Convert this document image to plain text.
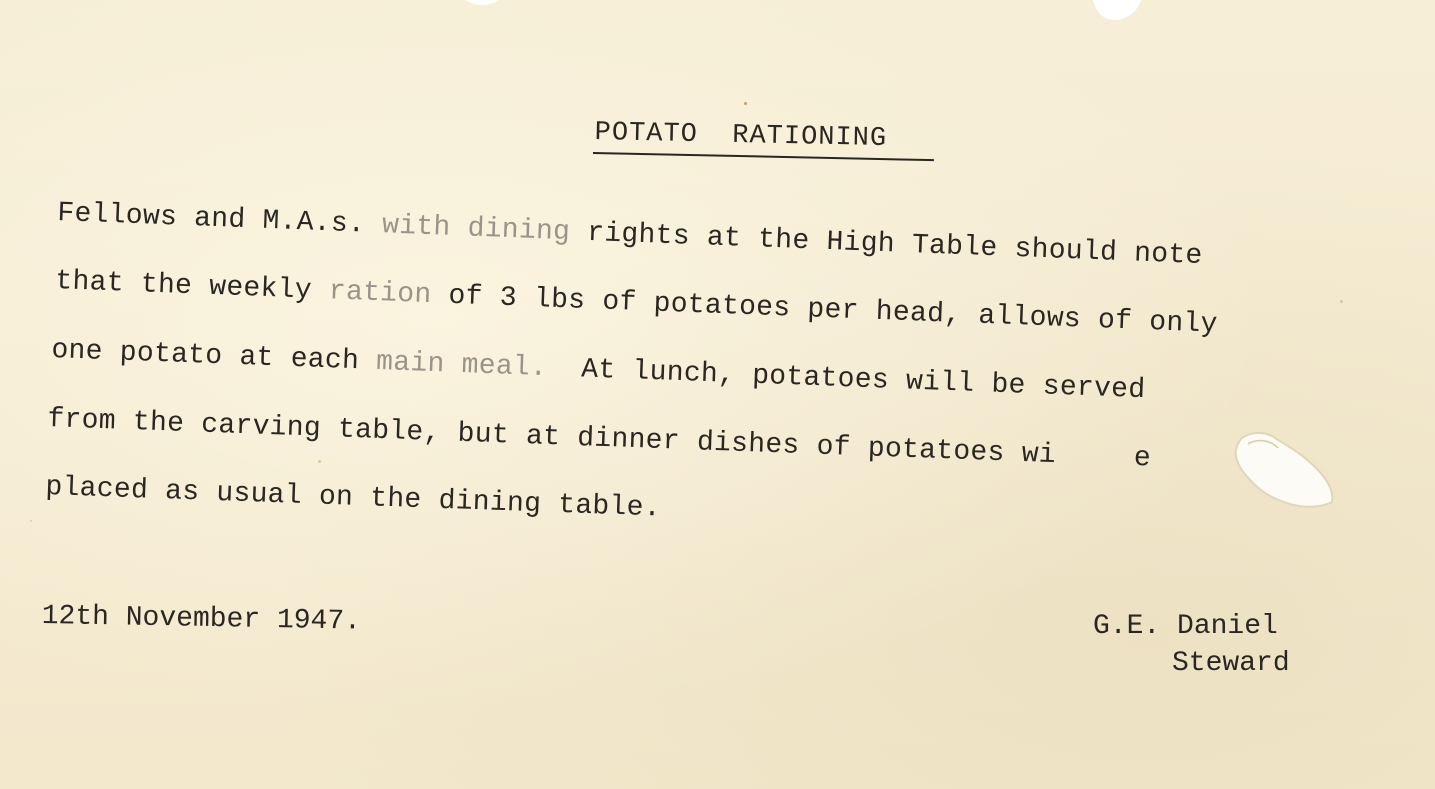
POTATO  RATIONING
Fellows and M.A.s. with dining rights at the High Table should note
that the weekly ration of 3 lbs of potatoes per head, allows of only
one potato at each main meal.  At lunch, potatoes will be served
from the carving table, but at dinner dishes of potatoes wi	e
placed as usual on the dining table.
12th November 1947.	G.E. Daniel
Steward
